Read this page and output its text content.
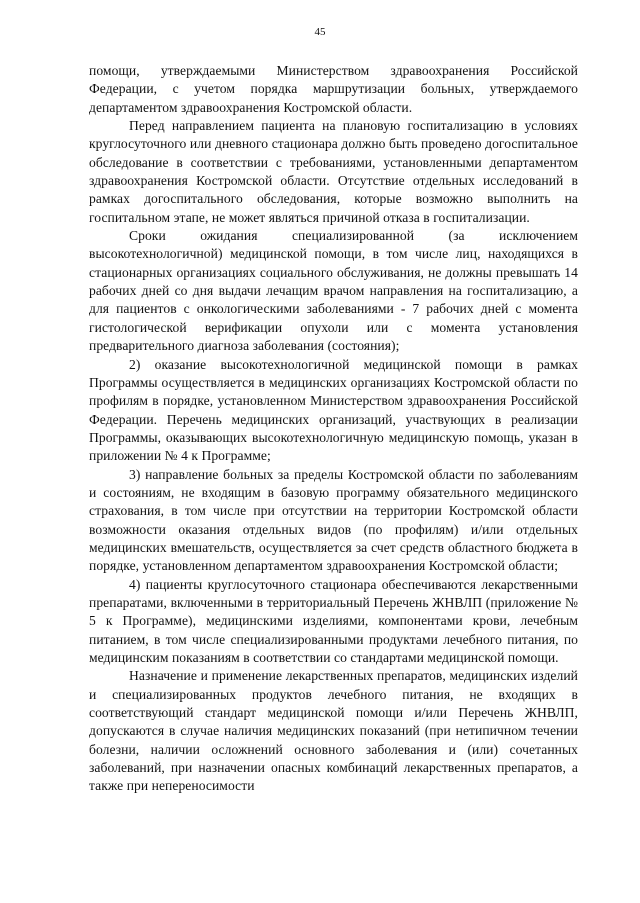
45

помощи, утверждаемыми Министерством здравоохранения Российской Федерации, с учетом порядка маршрутизации больных, утверждаемого департаментом здравоохранения Костромской области.

Перед направлением пациента на плановую госпитализацию в условиях круглосуточного или дневного стационара должно быть проведено догоспитальное обследование в соответствии с требованиями, установленными департаментом здравоохранения Костромской области. Отсутствие отдельных исследований в рамках догоспитального обследования, которые возможно выполнить на госпитальном этапе, не может являться причиной отказа в госпитализации.

Сроки ожидания специализированной (за исключением высокотехнологичной) медицинской помощи, в том числе лиц, находящихся в стационарных организациях социального обслуживания, не должны превышать 14 рабочих дней со дня выдачи лечащим врачом направления на госпитализацию, а для пациентов с онкологическими заболеваниями - 7 рабочих дней с момента гистологической верификации опухоли или с момента установления предварительного диагноза заболевания (состояния);

2) оказание высокотехнологичной медицинской помощи в рамках Программы осуществляется в медицинских организациях Костромской области по профилям в порядке, установленном Министерством здравоохранения Российской Федерации. Перечень медицинских организаций, участвующих в реализации Программы, оказывающих высокотехнологичную медицинскую помощь, указан в приложении № 4 к Программе;

3) направление больных за пределы Костромской области по заболеваниям и состояниям, не входящим в базовую программу обязательного медицинского страхования, в том числе при отсутствии на территории Костромской области возможности оказания отдельных видов (по профилям) и/или отдельных медицинских вмешательств, осуществляется за счет средств областного бюджета в порядке, установленном департаментом здравоохранения Костромской области;

4) пациенты круглосуточного стационара обеспечиваются лекарственными препаратами, включенными в территориальный Перечень ЖНВЛП (приложение № 5 к Программе), медицинскими изделиями, компонентами крови, лечебным питанием, в том числе специализированными продуктами лечебного питания, по медицинским показаниям в соответствии со стандартами медицинской помощи.

Назначение и применение лекарственных препаратов, медицинских изделий и специализированных продуктов лечебного питания, не входящих в соответствующий стандарт медицинской помощи и/или Перечень ЖНВЛП, допускаются в случае наличия медицинских показаний (при нетипичном течении болезни, наличии осложнений основного заболевания и (или) сочетанных заболеваний, при назначении опасных комбинаций лекарственных препаратов, а также при непереносимости
